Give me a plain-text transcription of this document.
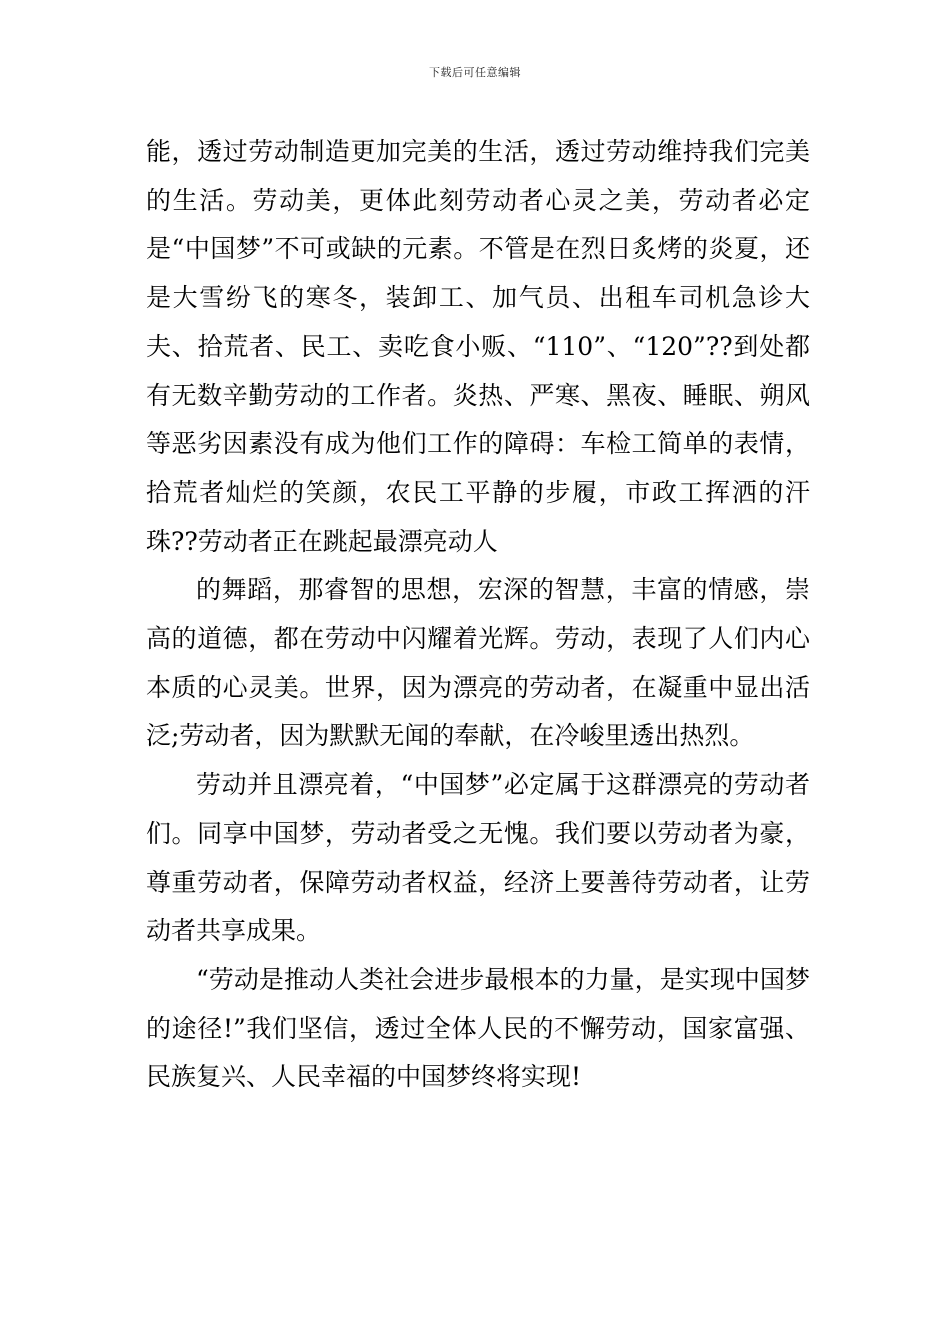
下载后可任意编辑

能，透过劳动制造更加完美的生活，透过劳动维持我们完美的生活。劳动美，更体此刻劳动者心灵之美，劳动者必定是“中国梦”不可或缺的元素。不管是在烈日炙烤的炎夏，还是大雪纷飞的寒冬，装卸工、加气员、出租车司机急诊大夫、拾荒者、民工、卖吃食小贩、“110”、“120”??到处都有无数辛勤劳动的工作者。炎热、严寒、黑夜、睡眠、朔风等恶劣因素没有成为他们工作的障碍：车检工简单的表情，拾荒者灿烂的笑颜，农民工平静的步履，市政工挥洒的汗珠??劳动者正在跳起最漂亮动人

的舞蹈，那睿智的思想，宏深的智慧，丰富的情感，崇高的道德，都在劳动中闪耀着光辉。劳动，表现了人们内心本质的心灵美。世界，因为漂亮的劳动者，在凝重中显出活泛;劳动者，因为默默无闻的奉献，在冷峻里透出热烈。

劳动并且漂亮着，“中国梦”必定属于这群漂亮的劳动者们。同享中国梦，劳动者受之无愧。我们要以劳动者为豪，尊重劳动者，保障劳动者权益，经济上要善待劳动者，让劳动者共享成果。

“劳动是推动人类社会进步最根本的力量，是实现中国梦的途径!”我们坚信，透过全体人民的不懈劳动，国家富强、民族复兴、人民幸福的中国梦终将实现!
